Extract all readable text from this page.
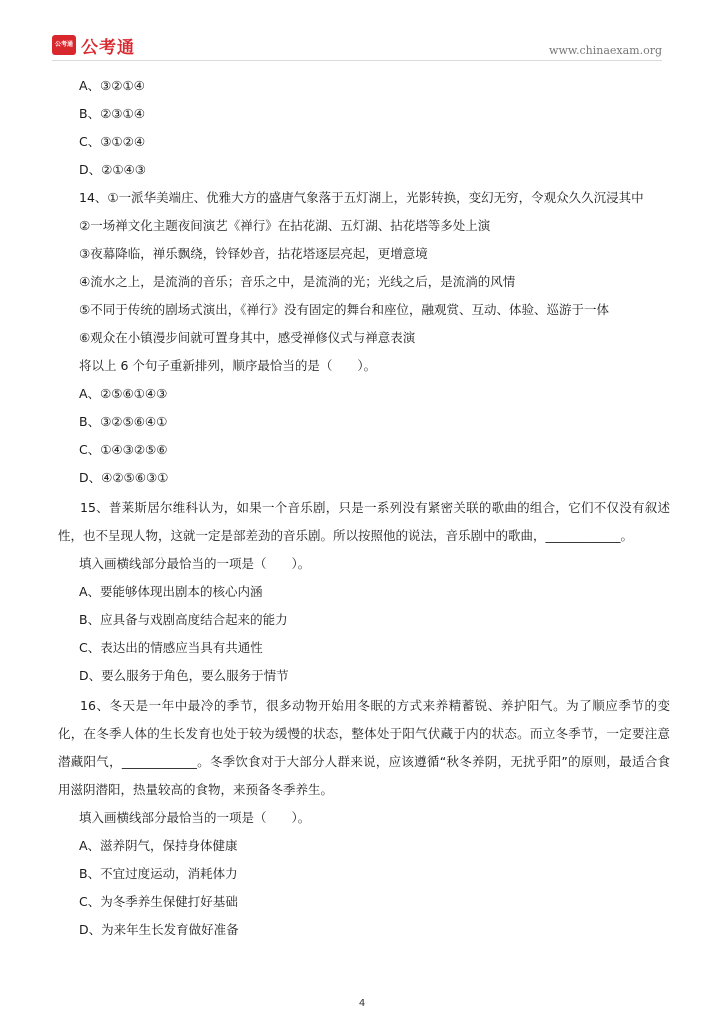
公考通 公考通	www.chinaexam.org
A、③②①④
B、②③①④
C、③①②④
D、②①④③
14、①一派华美端庄、优雅大方的盛唐气象落于五灯湖上，光影转换，变幻无穷，令观众久久沉浸其中
②一场禅文化主题夜间演艺《禅行》在拈花湖、五灯湖、拈花塔等多处上演
③夜幕降临，禅乐飘绕，铃铎妙音，拈花塔逐层亮起，更增意境
④流水之上，是流淌的音乐；音乐之中，是流淌的光；光线之后，是流淌的风情
⑤不同于传统的剧场式演出，《禅行》没有固定的舞台和座位，融观赏、互动、体验、巡游于一体
⑥观众在小镇漫步间就可置身其中，感受禅修仪式与禅意表演
将以上 6 个句子重新排列，顺序最恰当的是（　　）。
A、②⑤⑥①④③
B、③②⑤⑥④①
C、①④③②⑤⑥
D、④②⑤⑥③①

15、普莱斯居尔维科认为，如果一个音乐剧，只是一系列没有紧密关联的歌曲的组合，它们不仅没有叙述性，也不呈现人物，这就一定是部差劲的音乐剧。所以按照他的说法，音乐剧中的歌曲，____________。

填入画横线部分最恰当的一项是（　　）。
A、要能够体现出剧本的核心内涵
B、应具备与戏剧高度结合起来的能力
C、表达出的情感应当具有共通性
D、要么服务于角色，要么服务于情节

16、冬天是一年中最冷的季节，很多动物开始用冬眠的方式来养精蓄锐、养护阳气。为了顺应季节的变化，在冬季人体的生长发育也处于较为缓慢的状态，整体处于阳气伏藏于内的状态。而立冬季节，一定要注意潜藏阳气，____________。冬季饮食对于大部分人群来说，应该遵循“秋冬养阴，无扰乎阳”的原则，最适合食用滋阴潜阳，热量较高的食物，来预备冬季养生。

填入画横线部分最恰当的一项是（　　）。
A、滋养阴气，保持身体健康
B、不宜过度运动，消耗体力
C、为冬季养生保健打好基础
D、为来年生长发育做好准备
4
